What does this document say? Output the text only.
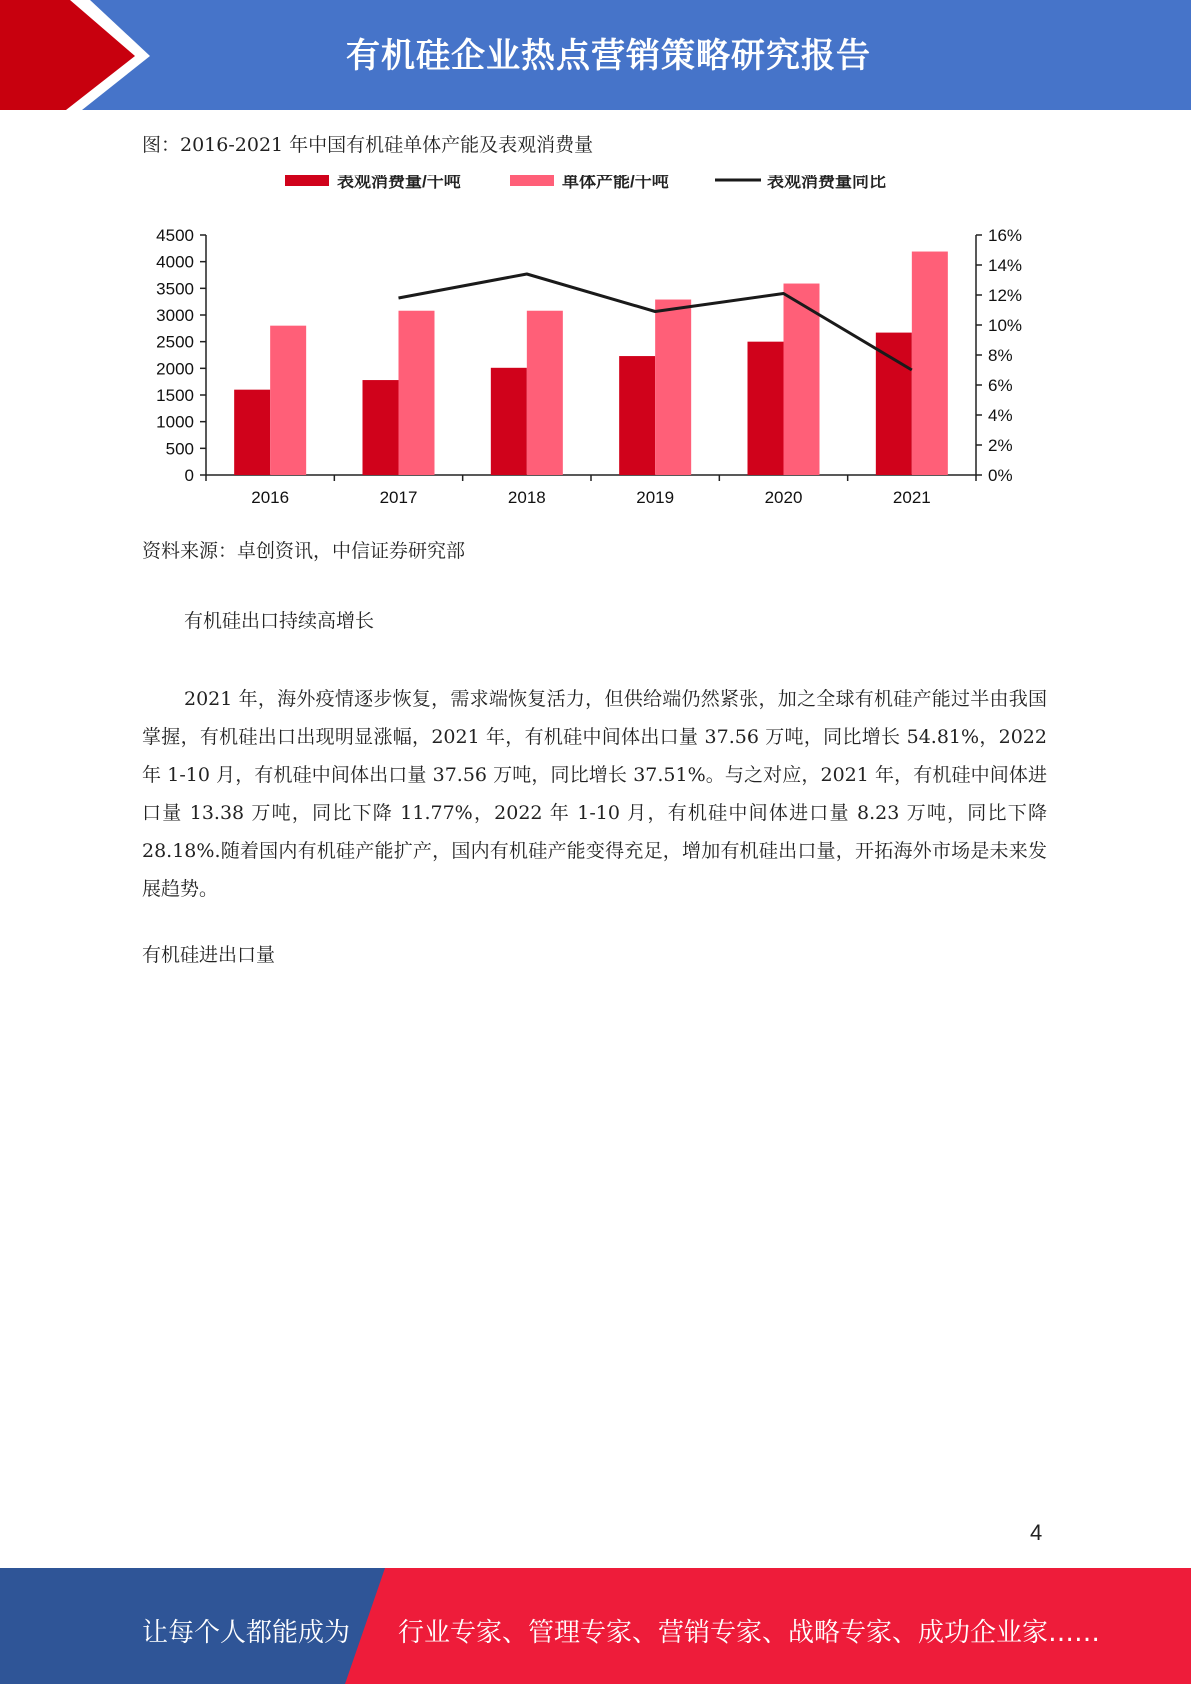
有机硅企业热点营销策略研究报告
图：2016-2021 年中国有机硅单体产能及表观消费量
表观消费量/千吨	单体产能/千吨	表观消费量同比
0
500
1000
1500
2000
2500
3000
3500
4000
4500
0%
2%
4%
6%
8%
10%
12%
14%
16%
2016	2017	2018	2019	2020	2021
资料来源：卓创资讯，中信证券研究部
有机硅出口持续高增长
2021 年，海外疫情逐步恢复，需求端恢复活力，但供给端仍然紧张，加之全球有机硅产能过半由我国掌握，有机硅出口出现明显涨幅，2021 年，有机硅中间体出口量 37.56 万吨，同比增长 54.81%，2022 年 1-10 月，有机硅中间体出口量 37.56 万吨，同比增长 37.51%。与之对应，2021 年，有机硅中间体进口量 13.38 万吨，同比下降 11.77%，2022 年 1-10 月，有机硅中间体进口量 8.23 万吨，同比下降 28.18%.随着国内有机硅产能扩产，国内有机硅产能变得充足，增加有机硅出口量，开拓海外市场是未来发展趋势。
有机硅进出口量
4
让每个人都能成为 行业专家、管理专家、营销专家、战略专家、成功企业家……
